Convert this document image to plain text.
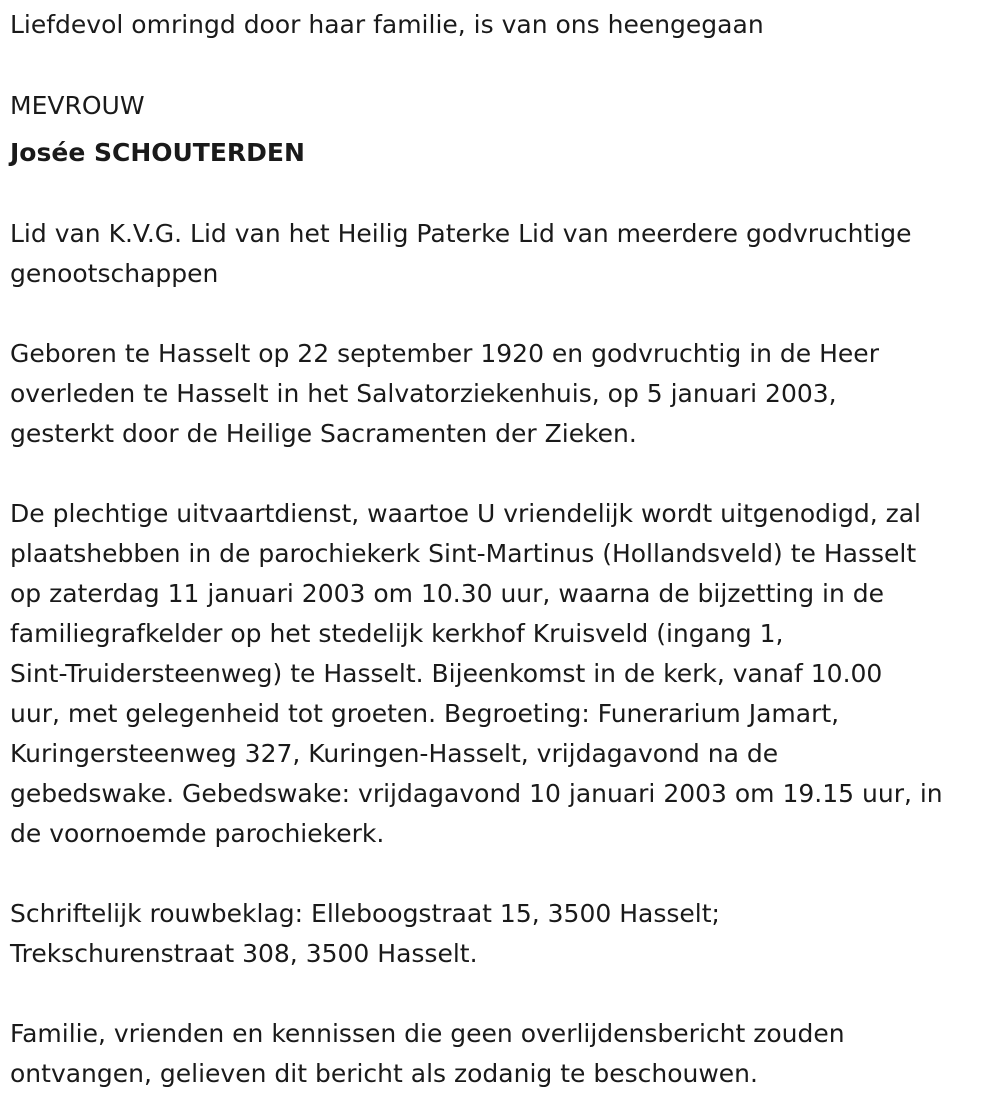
Liefdevol omringd door haar familie, is van ons heengegaan

MEVROUW

Josée SCHOUTERDEN

Lid van K.V.G. Lid van het Heilig Paterke Lid van meerdere godvruchtige

genootschappen

Geboren te Hasselt op 22 september 1920 en godvruchtig in de Heer

overleden te Hasselt in het Salvatorziekenhuis, op 5 januari 2003,

gesterkt door de Heilige Sacramenten der Zieken.

De plechtige uitvaartdienst, waartoe U vriendelijk wordt uitgenodigd, zal

plaatshebben in de parochiekerk Sint-Martinus (Hollandsveld) te Hasselt

op zaterdag 11 januari 2003 om 10.30 uur, waarna de bijzetting in de

familiegrafkelder op het stedelijk kerkhof Kruisveld (ingang 1,

Sint-Truidersteenweg) te Hasselt. Bijeenkomst in de kerk, vanaf 10.00

uur, met gelegenheid tot groeten. Begroeting: Funerarium Jamart,

Kuringersteenweg 327, Kuringen-Hasselt, vrijdagavond na de

gebedswake. Gebedswake: vrijdagavond 10 januari 2003 om 19.15 uur, in

de voornoemde parochiekerk.

Schriftelijk rouwbeklag: Elleboogstraat 15, 3500 Hasselt;

Trekschurenstraat 308, 3500 Hasselt.

Familie, vrienden en kennissen die geen overlijdensbericht zouden

ontvangen, gelieven dit bericht als zodanig te beschouwen.
